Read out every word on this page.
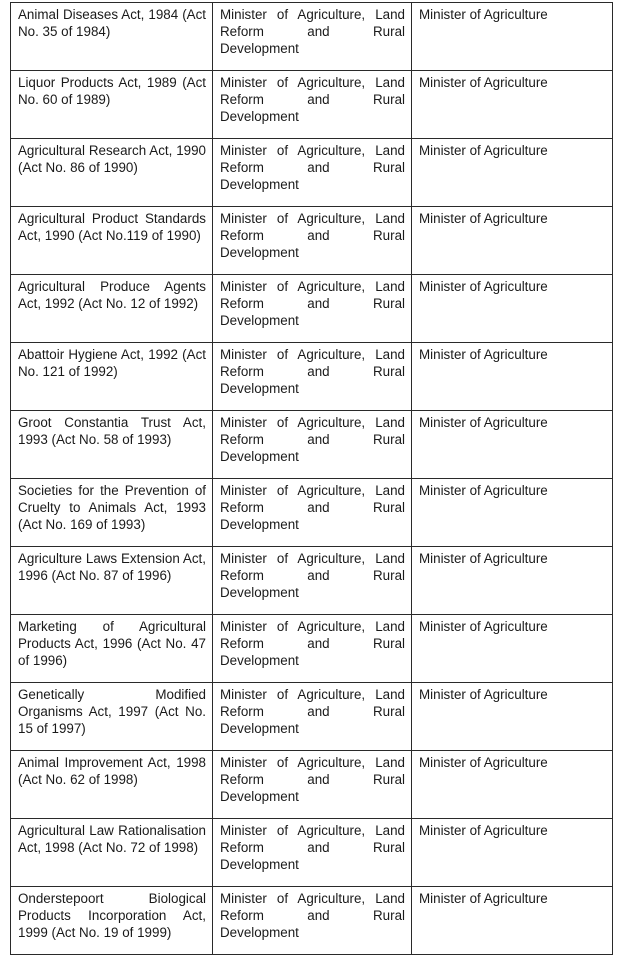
Animal Diseases Act, 1984 (Act No. 35 of 1984)	Minister of Agriculture, Land Reform and Rural Development	Minister of Agriculture
Liquor Products Act, 1989 (Act No. 60 of 1989)	Minister of Agriculture, Land Reform and Rural Development	Minister of Agriculture
Agricultural Research Act, 1990 (Act No. 86 of 1990)	Minister of Agriculture, Land Reform and Rural Development	Minister of Agriculture
Agricultural Product Standards Act, 1990 (Act No.119 of 1990)	Minister of Agriculture, Land Reform and Rural Development	Minister of Agriculture
Agricultural Produce Agents Act, 1992 (Act No. 12 of 1992)	Minister of Agriculture, Land Reform and Rural Development	Minister of Agriculture
Abattoir Hygiene Act, 1992 (Act No. 121 of 1992)	Minister of Agriculture, Land Reform and Rural Development	Minister of Agriculture
Groot Constantia Trust Act, 1993 (Act No. 58 of 1993)	Minister of Agriculture, Land Reform and Rural Development	Minister of Agriculture
Societies for the Prevention of Cruelty to Animals Act, 1993 (Act No. 169 of 1993)	Minister of Agriculture, Land Reform and Rural Development	Minister of Agriculture
Agriculture Laws Extension Act, 1996 (Act No. 87 of 1996)	Minister of Agriculture, Land Reform and Rural Development	Minister of Agriculture
Marketing of Agricultural Products Act, 1996 (Act No. 47 of 1996)	Minister of Agriculture, Land Reform and Rural Development	Minister of Agriculture
Genetically Modified Organisms Act, 1997 (Act No. 15 of 1997)	Minister of Agriculture, Land Reform and Rural Development	Minister of Agriculture
Animal Improvement Act, 1998 (Act No. 62 of 1998)	Minister of Agriculture, Land Reform and Rural Development	Minister of Agriculture
Agricultural Law Rationalisation Act, 1998 (Act No. 72 of 1998)	Minister of Agriculture, Land Reform and Rural Development	Minister of Agriculture
Onderstepoort Biological Products Incorporation Act, 1999 (Act No. 19 of 1999)	Minister of Agriculture, Land Reform and Rural Development	Minister of Agriculture
